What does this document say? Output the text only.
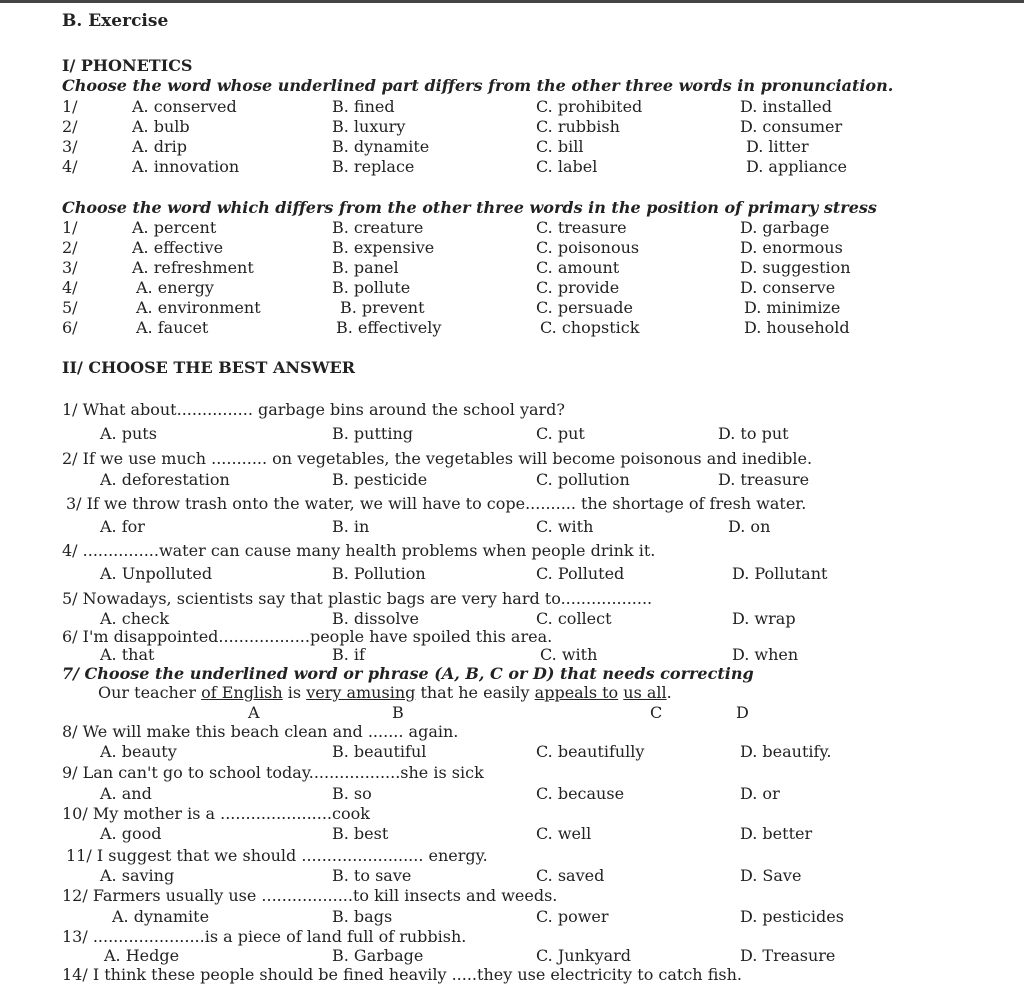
B. Exercise
I/ PHONETICS
Choose the word whose underlined part differs from the other three words in pronunciation.
1/	A. conserved	B. fined	C. prohibited	D. installed
2/	A. bulb	B. luxury	C. rubbish	D. consumer
3/	A. drip	B. dynamite	C. bill	D. litter
4/	A. innovation	B. replace	C. label	D. appliance
Choose the word which differs from the other three words in the position of primary stress
1/	A. percent	B. creature	C. treasure	D. garbage
2/	A. effective	B. expensive	C. poisonous	D. enormous
3/	A. refreshment	B. panel	C. amount	D. suggestion
4/	A. energy	B. pollute	C. provide	D. conserve
5/	A. environment	B. prevent	C. persuade	D. minimize
6/	A. faucet	B. effectively	C. chopstick	D. household
II/ CHOOSE THE BEST ANSWER
1/ What about............... garbage bins around the school yard?
A. puts	B. putting	C. put	D. to put
2/ If we use much ........... on vegetables, the vegetables will become poisonous and inedible.
A. deforestation	B. pesticide	C. pollution	D. treasure
3/ If we throw trash onto the water, we will have to cope.......... the shortage of fresh water.
A. for	B. in	C. with	D. on
4/ ...............water can cause many health problems when people drink it.
A. Unpolluted	B. Pollution	C. Polluted	D. Pollutant
5/ Nowadays, scientists say that plastic bags are very hard to..................
A. check	B. dissolve	C. collect	D. wrap
6/ I'm disappointed..................people have spoiled this area.
A. that	B. if	C. with	D. when
7/ Choose the underlined word or phrase (A, B, C or D) that needs correcting
Our teacher of English is very amusing that he easily appeals to us all.
A	B	C	D
8/ We will make this beach clean and ....... again.
A. beauty	B. beautiful	C. beautifully	D. beautify.
9/ Lan can't go to school today..................she is sick
A. and	B. so	C. because	D. or
10/ My mother is a ......................cook
A. good	B. best	C. well	D. better
11/ I suggest that we should ........................ energy.
A. saving	B. to save	C. saved	D. Save
12/ Farmers usually use ..................to kill insects and weeds.
A. dynamite	B. bags	C. power	D. pesticides
13/ ......................is a piece of land full of rubbish.
A. Hedge	B. Garbage	C. Junkyard	D. Treasure
14/ I think these people should be fined heavily .....they use electricity to catch fish.
